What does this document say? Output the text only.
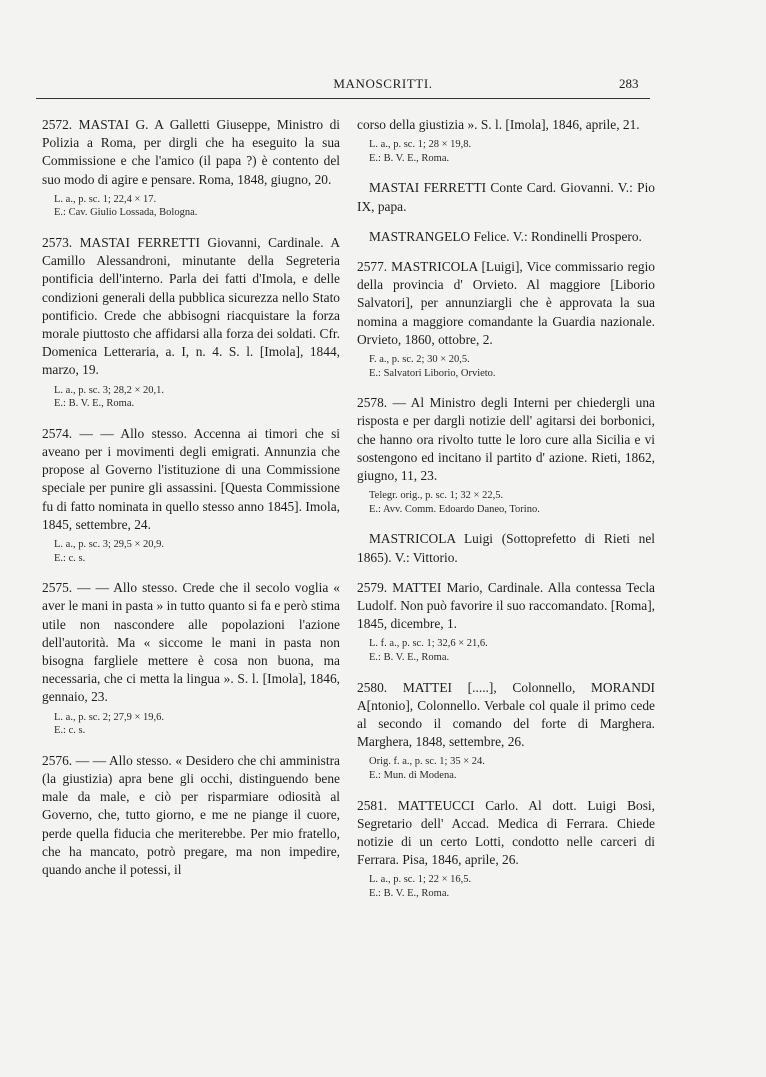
MANOSCRITTI.	283
2572. MASTAI G. A Galletti Giuseppe, Ministro di Polizia a Roma, per dirgli che ha eseguito la sua Commissione e che l'amico (il papa ?) è contento del suo modo di agire e pensare. Roma, 1848, giugno, 20.
L. a., p. sc. 1; 22,4 × 17.
E.: Cav. Giulio Lossada, Bologna.
2573. MASTAI FERRETTI Giovanni, Cardinale. A Camillo Alessandroni, minutante della Segreteria pontificia dell'interno. Parla dei fatti d'Imola, e delle condizioni generali della pubblica sicurezza nello Stato pontificio. Crede che abbisogni riacquistare la forza morale piuttosto che affidarsi alla forza dei soldati. Cfr. Domenica Letteraria, a. I, n. 4. S. l. [Imola], 1844, marzo, 19.
L. a., p. sc. 3; 28,2 × 20,1.
E.: B. V. E., Roma.
2574. — — Allo stesso. Accenna ai timori che si aveano per i movimenti degli emigrati. Annunzia che propose al Governo l'istituzione di una Commissione speciale per punire gli assassini. [Questa Commissione fu di fatto nominata in quello stesso anno 1845]. Imola, 1845, settembre, 24.
L. a., p. sc. 3; 29,5 × 20,9.
E.: c. s.
2575. — — Allo stesso. Crede che il secolo voglia « aver le mani in pasta » in tutto quanto si fa e però stima utile non nascondere alle popolazioni l'azione dell'autorità. Ma « siccome le mani in pasta non bisogna fargliele mettere è cosa non buona, ma necessaria, che ci metta la lingua ». S. l. [Imola], 1846, gennaio, 23.
L. a., p. sc. 2; 27,9 × 19,6.
E.: c. s.
2576. — — Allo stesso. « Desidero che chi amministra (la giustizia) apra bene gli occhi, distinguendo bene male da male, e ciò per risparmiare odiosità al Governo, che, tutto giorno, e me ne piange il cuore, perde quella fiducia che meriterebbe. Per mio fratello, che ha mancato, potrò pregare, ma non impedire, quando anche il potessi, il
corso della giustizia ». S. l. [Imola], 1846, aprile, 21.
L. a., p. sc. 1; 28 × 19,8.
E.: B. V. E., Roma.
MASTAI FERRETTI Conte Card. Giovanni. V.: Pio IX, papa.
MASTRANGELO Felice. V.: Rondinelli Prospero.
2577. MASTRICOLA [Luigi], Vice commissario regio della provincia d' Orvieto. Al maggiore [Liborio Salvatori], per annunziargli che è approvata la sua nomina a maggiore comandante la Guardia nazionale. Orvieto, 1860, ottobre, 2.
F. a., p. sc. 2; 30 × 20,5.
E.: Salvatori Liborio, Orvieto.
2578. — Al Ministro degli Interni per chiedergli una risposta e per dargli notizie dell' agitarsi dei borbonici, che hanno ora rivolto tutte le loro cure alla Sicilia e vi sostengono ed incitano il partito d' azione. Rieti, 1862, giugno, 11, 23.
Telegr. orig., p. sc. 1; 32 × 22,5.
E.: Avv. Comm. Edoardo Daneo, Torino.
MASTRICOLA Luigi (Sottoprefetto di Rieti nel 1865). V.: Vittorio.
2579. MATTEI Mario, Cardinale. Alla contessa Tecla Ludolf. Non può favorire il suo raccomandato. [Roma], 1845, dicembre, 1.
L. f. a., p. sc. 1; 32,6 × 21,6.
E.: B. V. E., Roma.
2580. MATTEI [.....], Colonnello, MORANDI A[ntonio], Colonnello. Verbale col quale il primo cede al secondo il comando del forte di Marghera. Marghera, 1848, settembre, 26.
Orig. f. a., p. sc. 1; 35 × 24.
E.: Mun. di Modena.
2581. MATTEUCCI Carlo. Al dott. Luigi Bosi, Segretario dell' Accad. Medica di Ferrara. Chiede notizie di un certo Lotti, condotto nelle carceri di Ferrara. Pisa, 1846, aprile, 26.
L. a., p. sc. 1; 22 × 16,5.
E.: B. V. E., Roma.
